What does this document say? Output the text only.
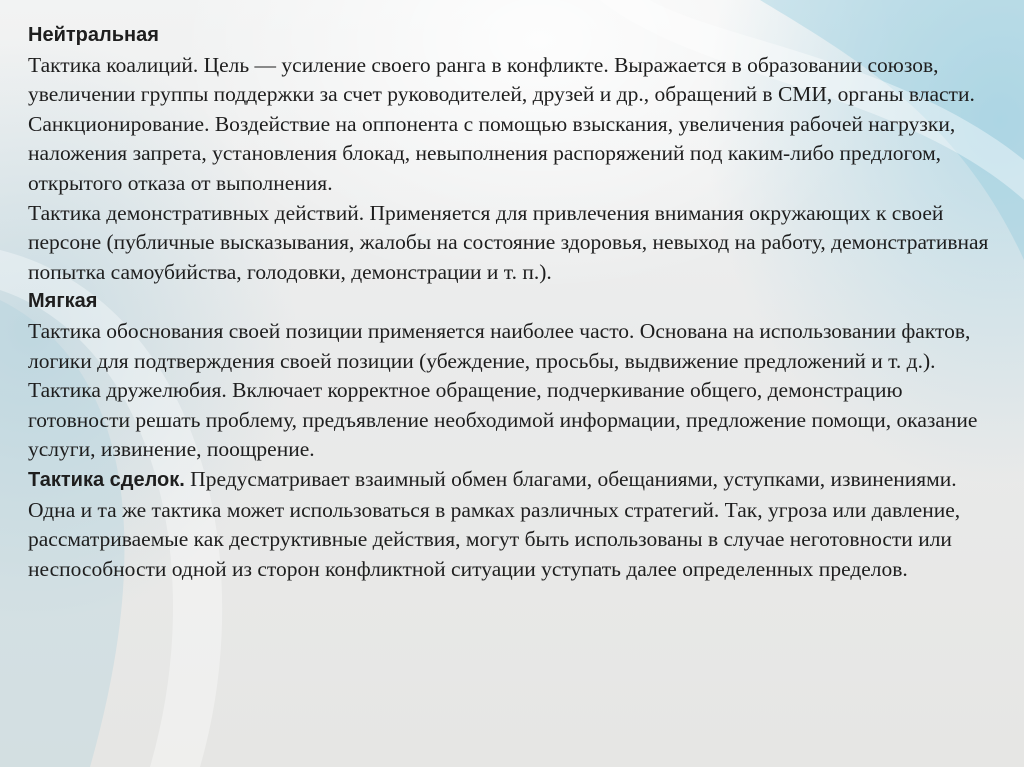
Нейтральная
Тактика коалиций. Цель — усиление своего ранга в конфликте. Выражается в образовании союзов, увеличении группы поддержки за счет руководителей, друзей и др., обращений в СМИ, органы власти.
Санкционирование. Воздействие на оппонента с помощью взыскания, увеличения рабочей нагрузки, наложения запрета, установления блокад, невыполнения распоряжений под каким-либо предлогом, открытого отказа от выполнения.
Тактика демонстративных действий. Применяется для привлечения внимания окружающих к своей персоне (публичные высказывания, жалобы на состояние здоровья, невыход на работу, демонстративная попытка самоубийства, голодовки, демонстрации и т. п.).
Мягкая
Тактика обоснования своей позиции применяется наиболее часто. Основана на использовании фактов, логики для подтверждения своей позиции (убеждение, просьбы, выдвижение предложений и т. д.).
Тактика дружелюбия. Включает корректное обращение, подчеркивание общего, демонстрацию готовности решать проблему, предъявление необходимой информации, предложение помощи, оказание услуги, извинение, поощрение.
Тактика сделок. Предусматривает взаимный обмен благами, обещаниями, уступками, извинениями.
Одна и та же тактика может использоваться в рамках различных стратегий. Так, угроза или давление, рассматриваемые как деструктивные действия, могут быть использованы в случае неготовности или неспособности одной из сторон конфликтной ситуации уступать далее определенных пределов.
